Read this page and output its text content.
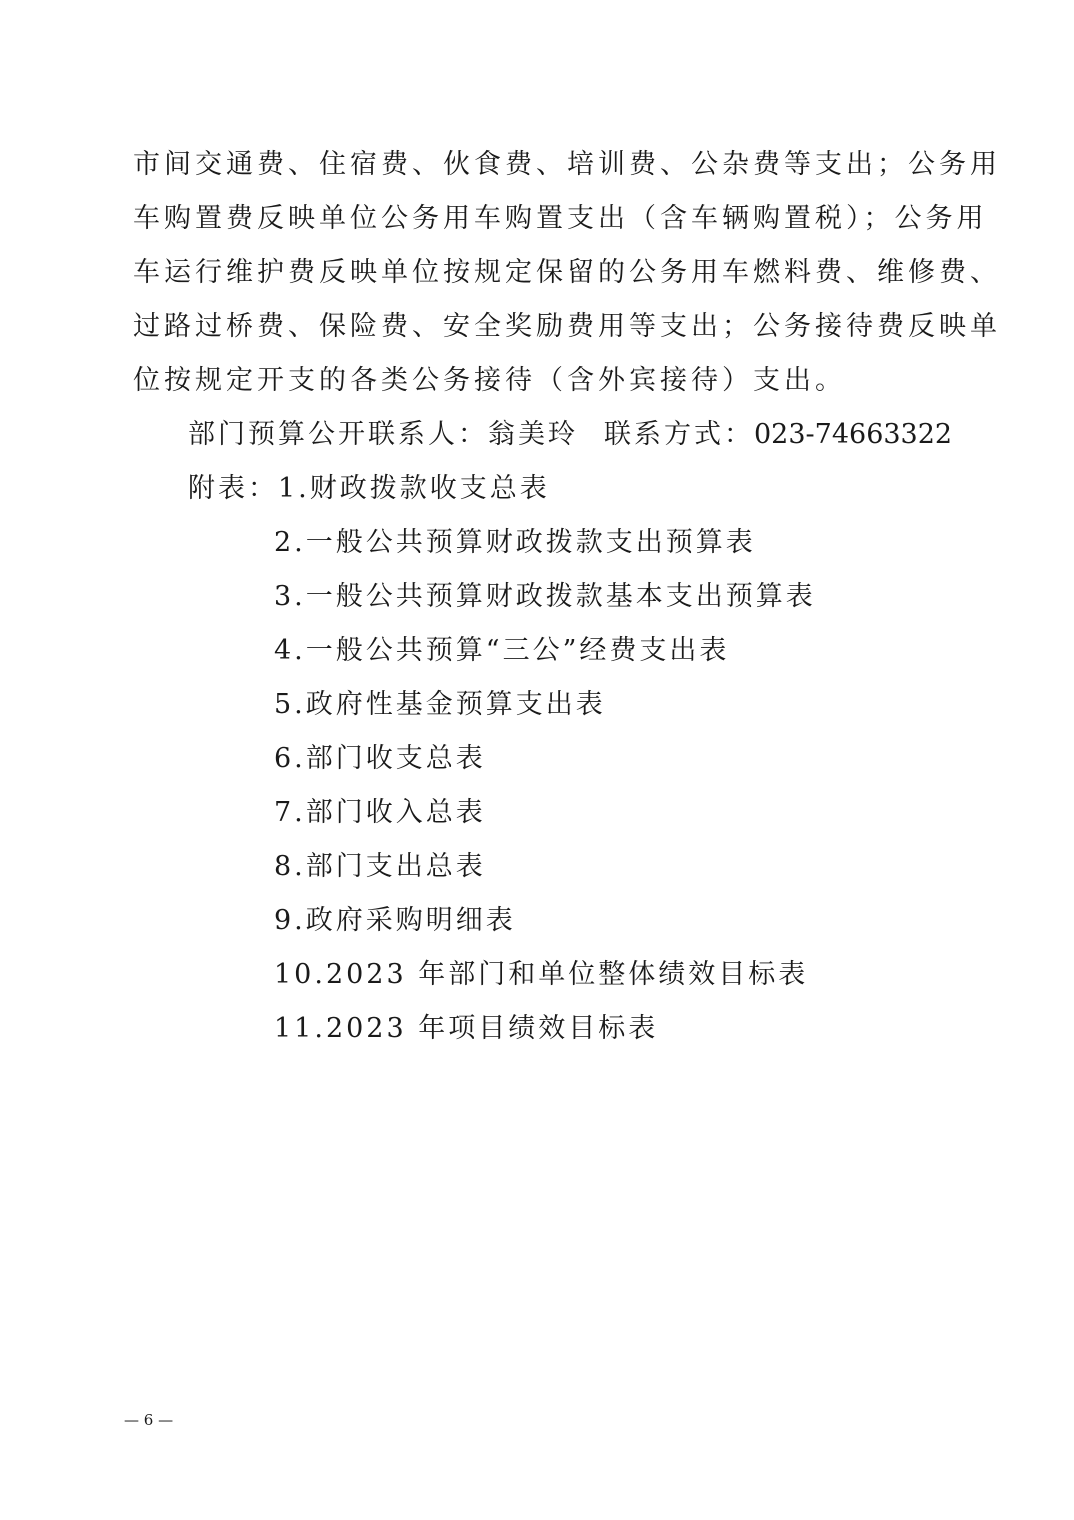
市间交通费、住宿费、伙食费、培训费、公杂费等支出；公务用
车购置费反映单位公务用车购置支出（含车辆购置税）；公务用
车运行维护费反映单位按规定保留的公务用车燃料费、维修费、
过路过桥费、保险费、安全奖励费用等支出；公务接待费反映单
位按规定开支的各类公务接待（含外宾接待）支出。
部门预算公开联系人：翁美玲 联系方式：023-74663322
附表：1.财政拨款收支总表
2.一般公共预算财政拨款支出预算表
3.一般公共预算财政拨款基本支出预算表
4.一般公共预算“三公”经费支出表
5.政府性基金预算支出表
6.部门收支总表
7.部门收入总表
8.部门支出总表
9.政府采购明细表
10.2023 年部门和单位整体绩效目标表
11.2023 年项目绩效目标表
— 6 —
